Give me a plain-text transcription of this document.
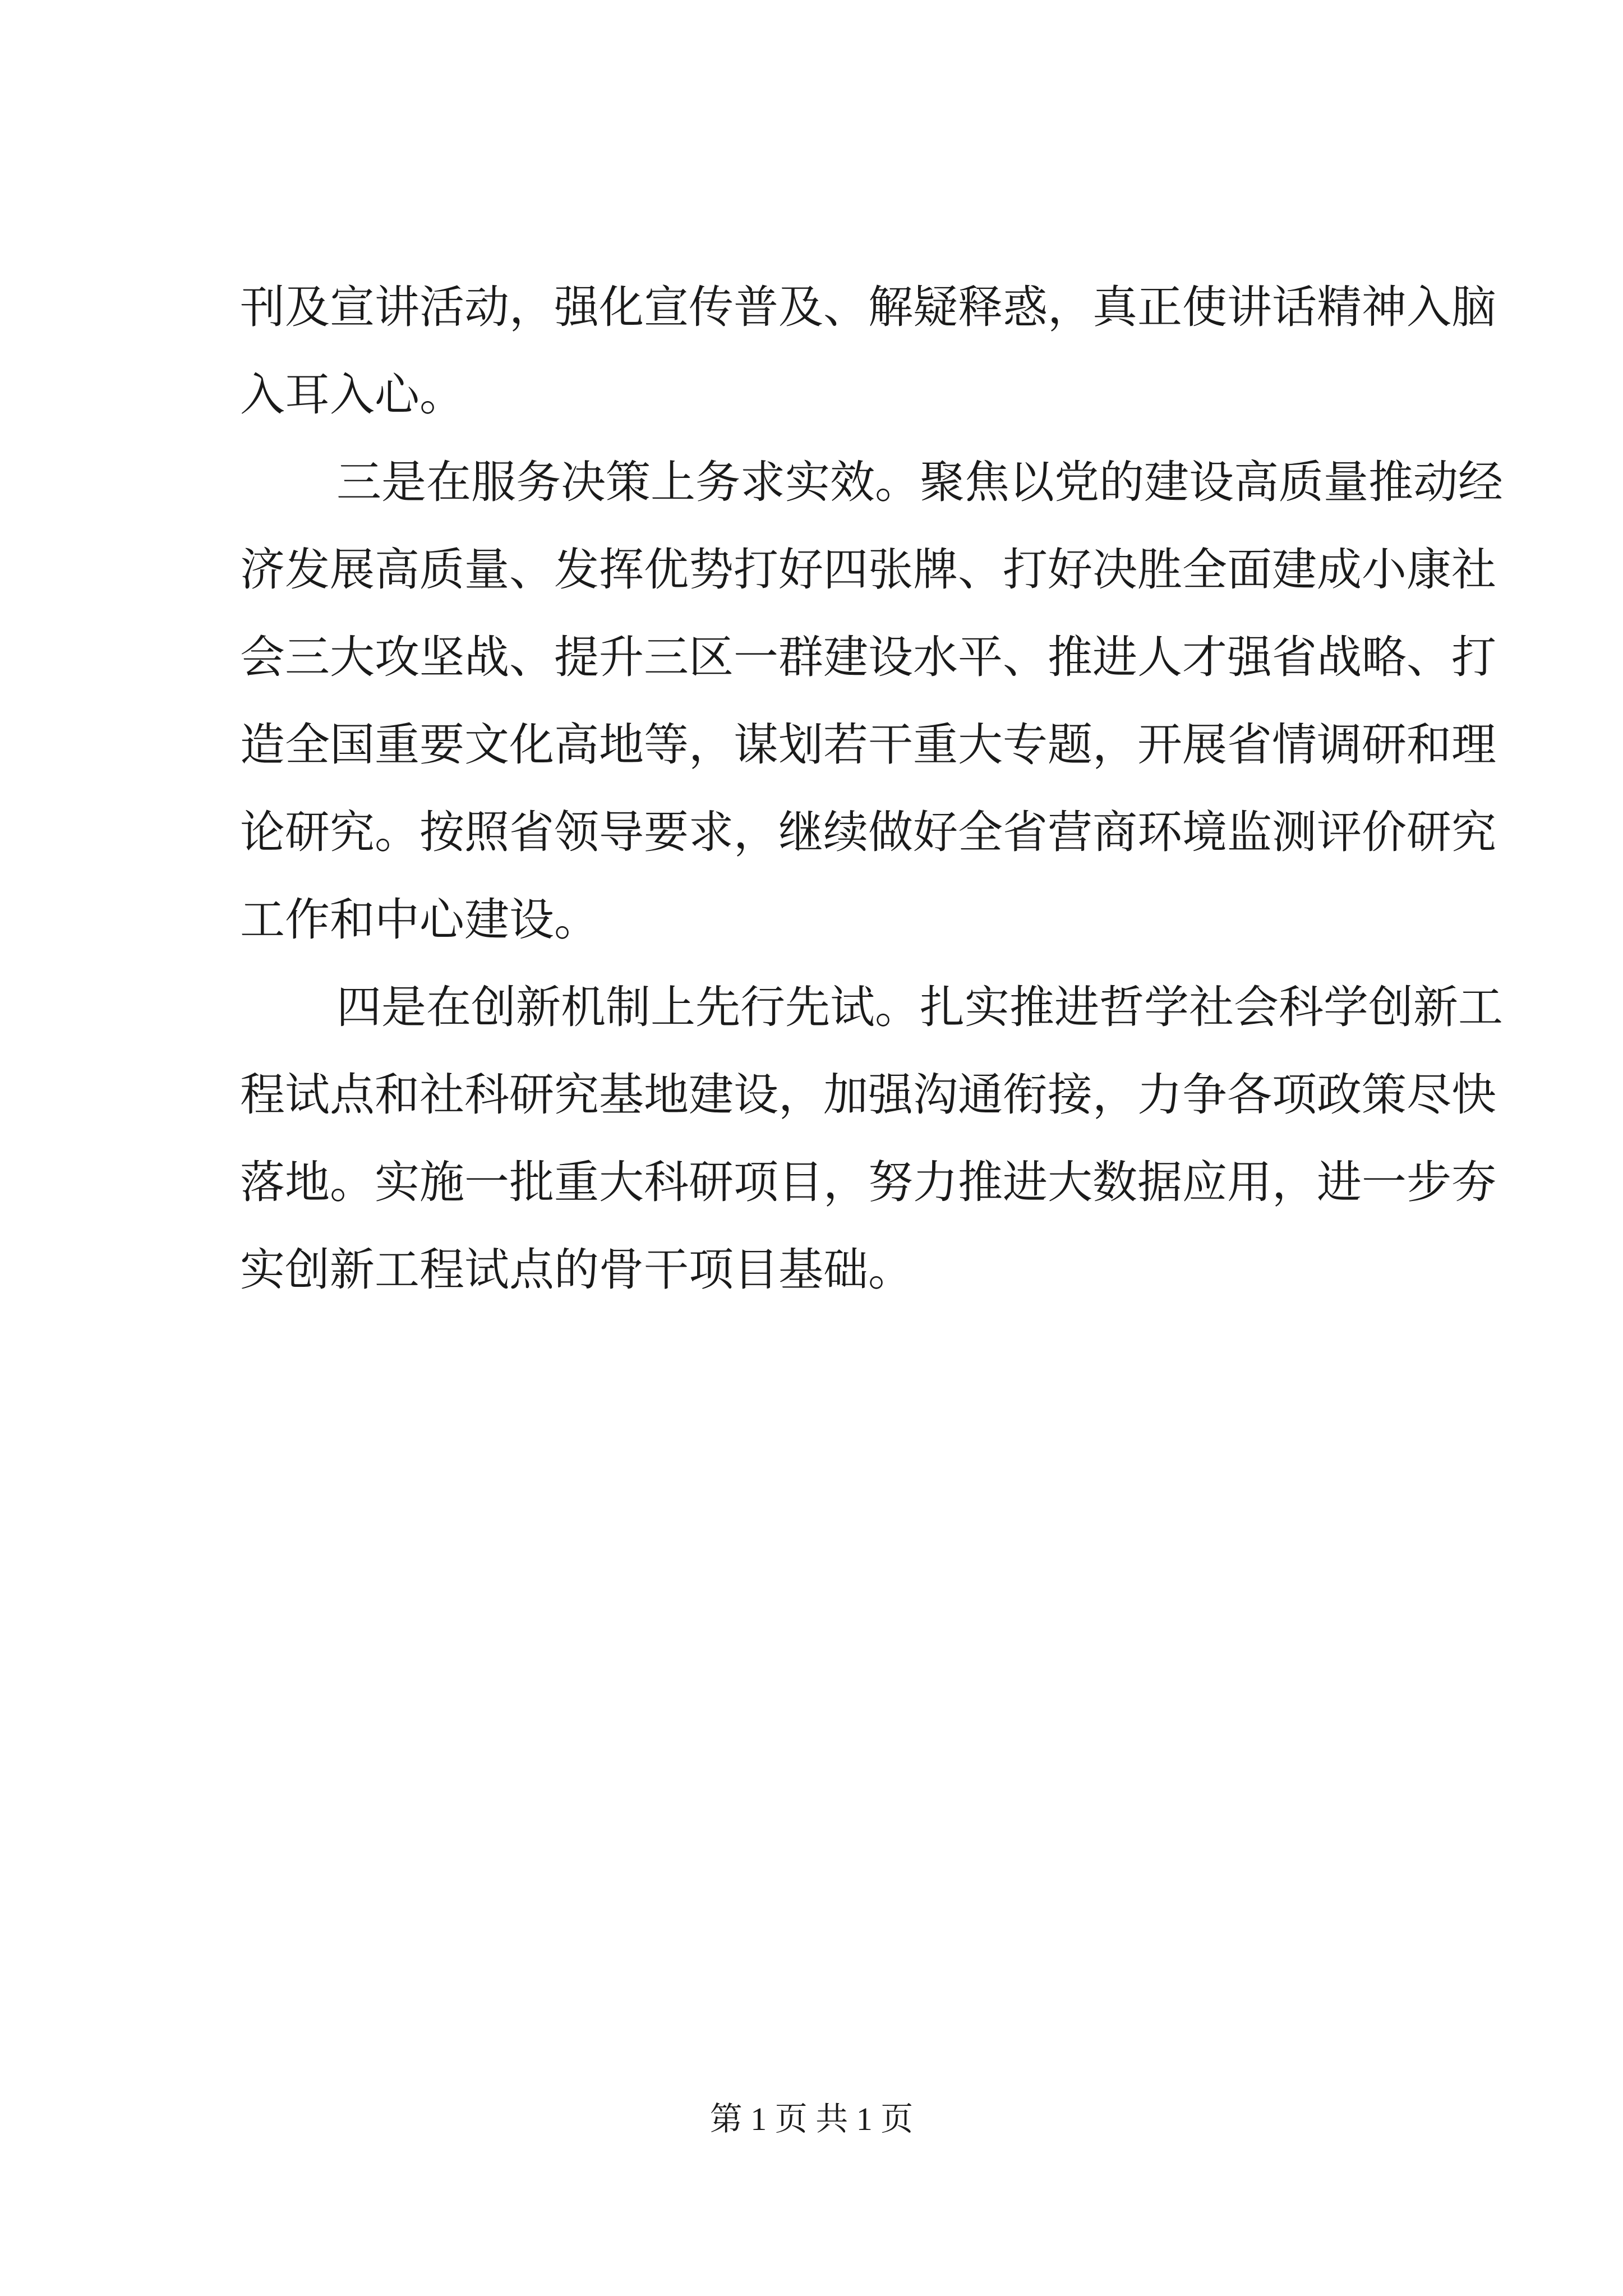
刊及宣讲活动，强化宣传普及、解疑释惑，真正使讲话精神入脑
入耳入心。
三是在服务决策上务求实效。聚焦以党的建设高质量推动经
济发展高质量、发挥优势打好四张牌、打好决胜全面建成小康社
会三大攻坚战、提升三区一群建设水平、推进人才强省战略、打
造全国重要文化高地等，谋划若干重大专题，开展省情调研和理
论研究。按照省领导要求，继续做好全省营商环境监测评价研究
工作和中心建设。
四是在创新机制上先行先试。扎实推进哲学社会科学创新工
程试点和社科研究基地建设，加强沟通衔接，力争各项政策尽快
落地。实施一批重大科研项目，努力推进大数据应用，进一步夯
实创新工程试点的骨干项目基础。
第 1 页 共 1 页
